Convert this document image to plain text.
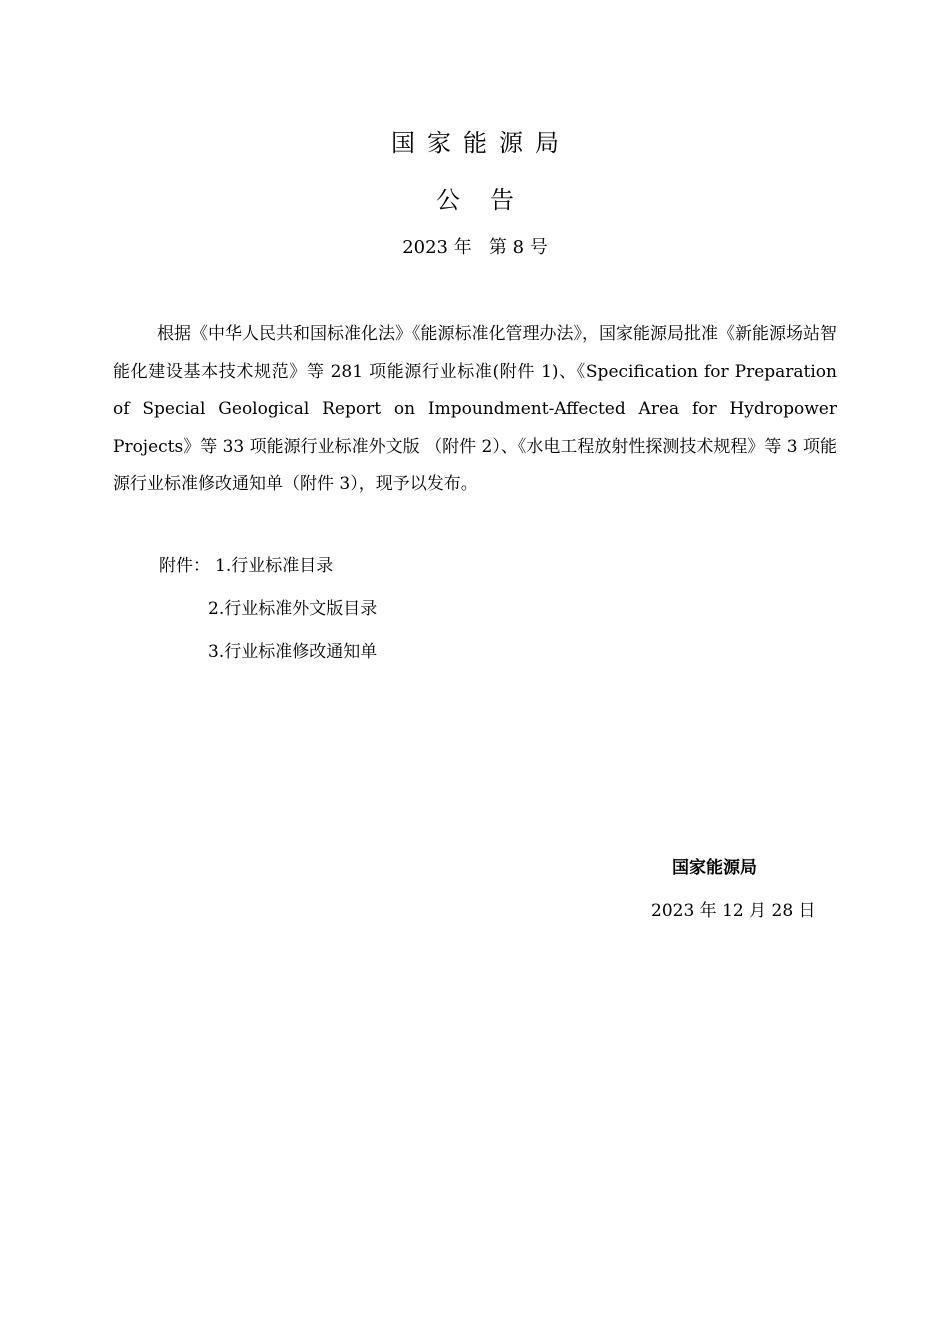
国家能源局
公告
2023 年   第 8 号
根据《中华人民共和国标准化法》《能源标准化管理办法》，国家能源局批准《新能源场站智能化建设基本技术规范》等 281 项能源行业标准(附件 1)、《Specification for Preparation of Special Geological Report on Impoundment-Affected Area for Hydropower Projects》等 33 项能源行业标准外文版 （附件 2）、《水电工程放射性探测技术规程》等 3 项能源行业标准修改通知单（附件 3），现予以发布。
附件： 1.行业标准目录
2.行业标准外文版目录
3.行业标准修改通知单
国家能源局
2023 年 12 月 28 日
